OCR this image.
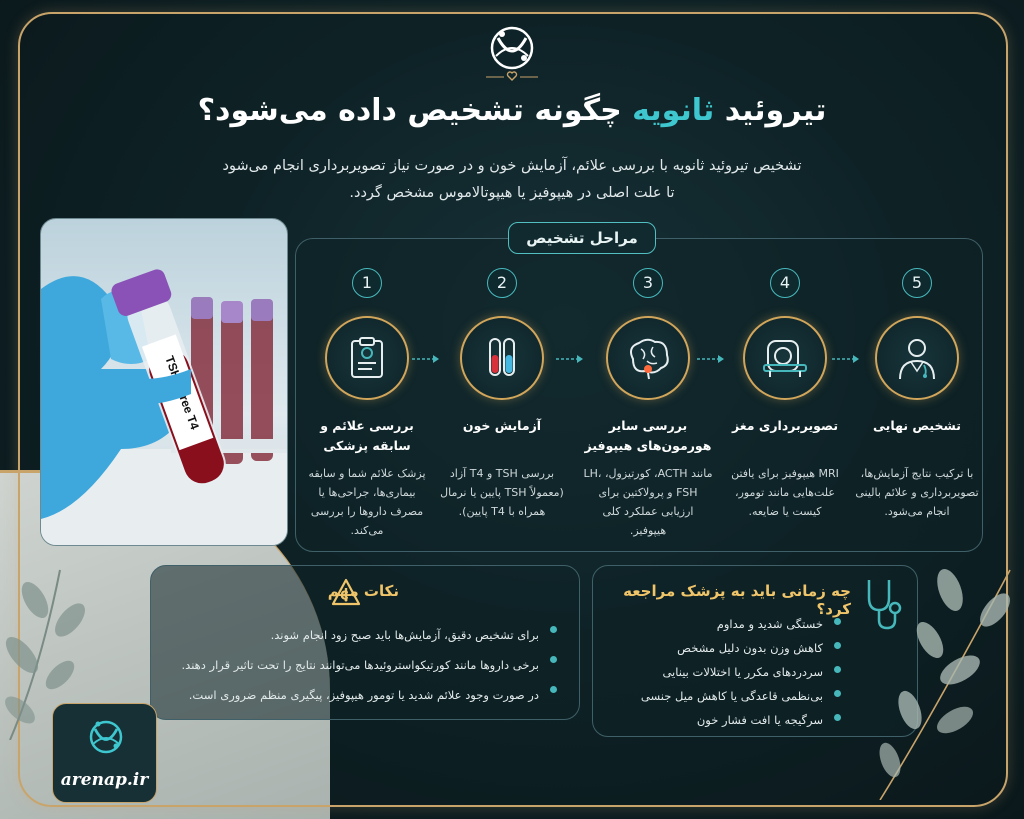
تیروئید ثانویه چگونه تشخیص داده می‌شود؟
تشخیص تیروئید ثانویه با بررسی علائم، آزمایش خون و در صورت نیاز تصویربرداری انجام می‌شود
تا علت اصلی در هیپوفیز یا هیپوتالاموس مشخص گردد.
TSH Free T4
مراحل تشخیص
1
بررسی علائم و سابقه پزشکی
پزشک علائم شما و سابقه بیماری‌ها، جراحی‌ها یا مصرف داروها را بررسی می‌کند.
2
آزمایش خون
بررسی TSH و T4 آزاد (معمولاً TSH پایین یا نرمال همراه با T4 پایین).
3
بررسی سایر هورمون‌های هیپوفیز
مانند ACTH، کورتیزول، LH، FSH و پرولاکتین برای ارزیابی عملکرد کلی هیپوفیز.
4
تصویربرداری مغز
MRI هیپوفیز برای یافتن علت‌هایی مانند تومور، کیست یا ضایعه.
5
تشخیص نهایی
با ترکیب نتایج آزمایش‌ها، تصویربرداری و علائم بالینی انجام می‌شود.
نکات مهم
برای تشخیص دقیق، آزمایش‌ها باید صبح زود انجام شوند.
برخی داروها مانند کورتیکواستروئیدها می‌توانند نتایج را تحت تاثیر قرار دهند.
در صورت وجود علائم شدید یا تومور هیپوفیز، پیگیری منظم ضروری است.
چه زمانی باید به پزشک مراجعه کرد؟
خستگی شدید و مداوم
کاهش وزن بدون دلیل مشخص
سردردهای مکرر یا اختلالات بینایی
بی‌نظمی قاعدگی یا کاهش میل جنسی
سرگیجه یا افت فشار خون
arenap.ir
